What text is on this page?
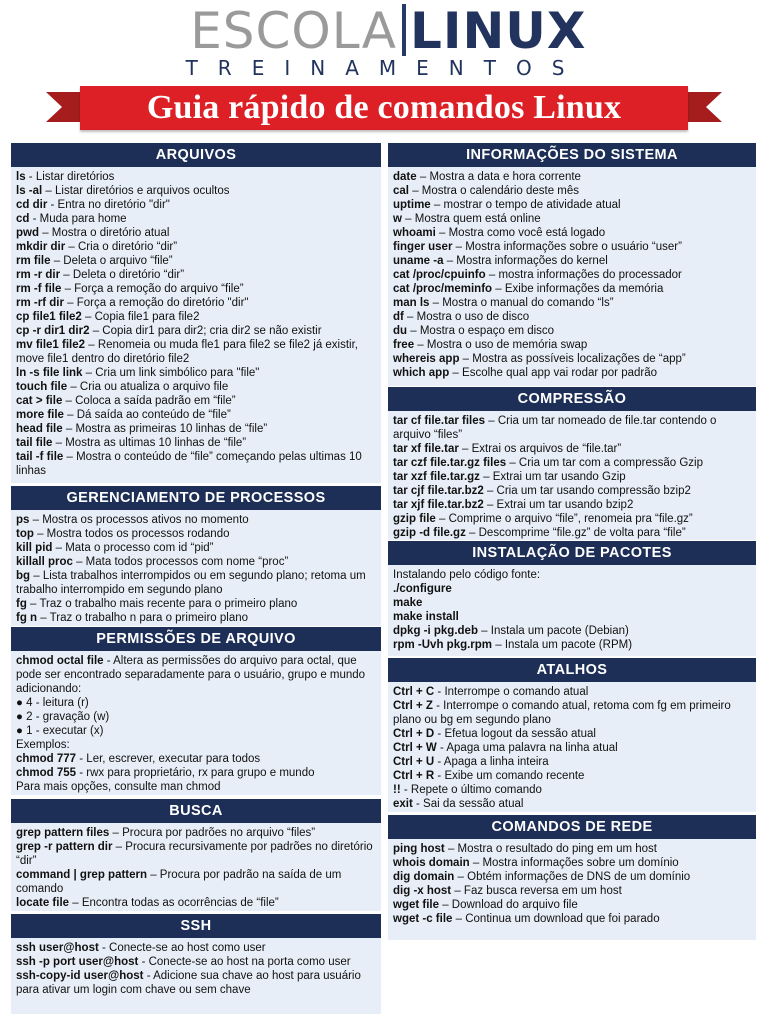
ESCOLA LINUX
TREINAMENTOS
Guia rápido de comandos Linux
ARQUIVOS
ls - Listar diretórios
ls -al – Listar diretórios e arquivos ocultos
cd dir - Entra no diretório "dir"
cd - Muda para home
pwd – Mostra o diretório atual
mkdir dir – Cria o diretório “dir”
rm file – Deleta o arquivo “file”
rm -r dir – Deleta o diretório “dir”
rm -f file – Força a remoção do arquivo “file”
rm -rf dir – Força a remoção do diretório "dir"
cp file1 file2 – Copia file1 para file2
cp -r dir1 dir2 – Copia dir1 para dir2; cria dir2 se não existir
mv file1 file2 – Renomeia ou muda fle1 para file2 se file2 já existir, move file1 dentro do diretório file2
ln -s file link – Cria um link simbólico para "file"
touch file – Cria ou atualiza o arquivo file
cat > file – Coloca a saída padrão em “file”
more file – Dá saída ao conteúdo de “file”
head file – Mostra as primeiras 10 linhas de “file”
tail file – Mostra as ultimas 10 linhas de “file”
tail -f file – Mostra o conteúdo de “file” começando pelas ultimas 10 linhas
GERENCIAMENTO DE PROCESSOS
ps – Mostra os processos ativos no momento
top – Mostra todos os processos rodando
kill pid – Mata o processo com id “pid”
killall proc – Mata todos processos com nome “proc”
bg – Lista trabalhos interrompidos ou em segundo plano; retoma um trabalho interrompido em segundo plano
fg – Traz o trabalho mais recente para o primeiro plano
fg n – Traz o trabalho n para o primeiro plano
PERMISSÕES DE ARQUIVO
chmod octal file - Altera as permissões do arquivo para octal, que pode ser encontrado separadamente para o usuário, grupo e mundo adicionando:
● 4 - leitura (r)
● 2 - gravação (w)
● 1 - executar (x)
Exemplos:
chmod 777 - Ler, escrever, executar para todos
chmod 755 - rwx para proprietário, rx para grupo e mundo
Para mais opções, consulte man chmod
BUSCA
grep pattern files – Procura por padrões no arquivo “files”
grep -r pattern dir – Procura recursivamente por padrões no diretório “dir”
command | grep pattern – Procura por padrão na saída de um comando
locate file – Encontra todas as ocorrências de “file”
SSH
ssh user@host - Conecte-se ao host como user
ssh -p port user@host - Conecte-se ao host na porta como user
ssh-copy-id user@host - Adicione sua chave ao host para usuário para ativar um login com chave ou sem chave
INFORMAÇÕES DO SISTEMA
date – Mostra a data e hora corrente
cal – Mostra o calendário deste mês
uptime – mostrar o tempo de atividade atual
w – Mostra quem está online
whoami – Mostra como você está logado
finger user – Mostra informações sobre o usuário “user”
uname -a – Mostra informações do kernel
cat /proc/cpuinfo – mostra informações do processador
cat /proc/meminfo – Exibe informações da memória
man ls – Mostra o manual do comando “ls”
df – Mostra o uso de disco
du – Mostra o espaço em disco
free – Mostra o uso de memória swap
whereis app – Mostra as possíveis localizações de “app”
which app – Escolhe qual app vai rodar por padrão
COMPRESSÃO
tar cf file.tar files – Cria um tar nomeado de file.tar contendo o arquivo “files”
tar xf file.tar – Extrai os arquivos de “file.tar”
tar czf file.tar.gz files – Cria um tar com a compressão Gzip
tar xzf file.tar.gz – Extrai um tar usando Gzip
tar cjf file.tar.bz2 – Cria um tar usando compressão bzip2
tar xjf file.tar.bz2 – Extrai um tar usando bzip2
gzip file – Comprime o arquivo “file”, renomeia pra “file.gz”
gzip -d file.gz – Descomprime “file.gz” de volta para “file”
INSTALAÇÃO DE PACOTES
Instalando pelo código fonte:
./configure
make
make install
dpkg -i pkg.deb – Instala um pacote (Debian)
rpm -Uvh pkg.rpm – Instala um pacote (RPM)
ATALHOS
Ctrl + C - Interrompe o comando atual
Ctrl + Z - Interrompe o comando atual, retoma com fg em primeiro plano ou bg em segundo plano
Ctrl + D - Efetua logout da sessão atual
Ctrl + W - Apaga uma palavra na linha atual
Ctrl + U - Apaga a linha inteira
Ctrl + R - Exibe um comando recente
!! - Repete o último comando
exit - Sai da sessão atual
COMANDOS DE REDE
ping host – Mostra o resultado do ping em um host
whois domain – Mostra informações sobre um domínio
dig domain – Obtém informações de DNS de um domínio
dig -x host – Faz busca reversa em um host
wget file – Download do arquivo file
wget -c file – Continua um download que foi parado
